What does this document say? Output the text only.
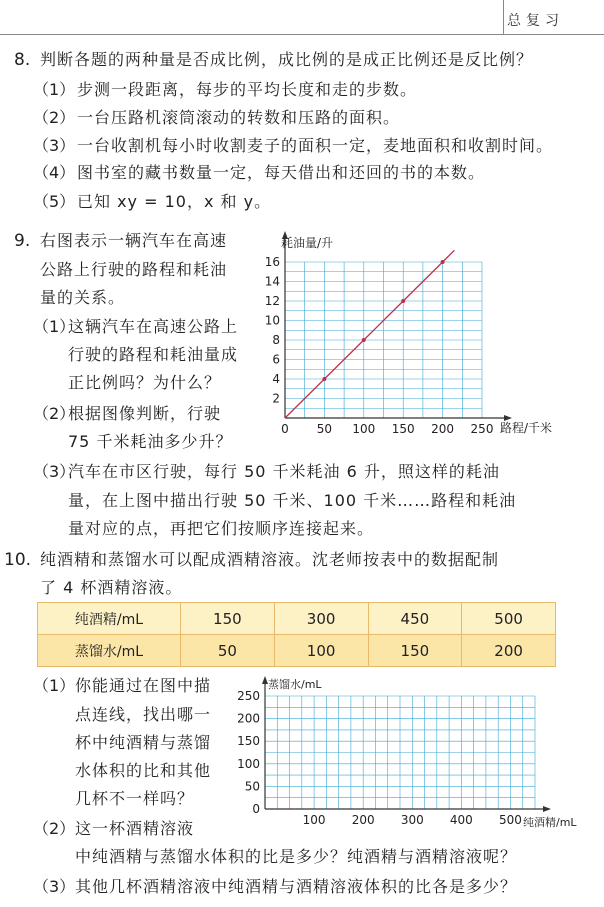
总复习
8. 判断各题的两种量是否成比例，成比例的是成正比例还是反比例？
（1） 步测一段距离，每步的平均长度和走的步数。
（2） 一台压路机滚筒滚动的转数和压路的面积。
（3） 一台收割机每小时收割麦子的面积一定，麦地面积和收割时间。
（4） 图书室的藏书数量一定，每天借出和还回的书的本数。
（5） 已知 xy = 10，x 和 y。
9. 右图表示一辆汽车在高速
公路上行驶的路程和耗油
量的关系。
（1）
这辆汽车在高速公路上
行驶的路程和耗油量成
正比例吗？为什么？
（2）
根据图像判断，行驶
75 千米耗油多少升？
（3）
汽车在市区行驶，每行 50 千米耗油 6 升，照这样的耗油
量，在上图中描出行驶 50 千米、100 千米……路程和耗油
量对应的点，再把它们按顺序连接起来。
耗油量/升
路程/千米
0 50 100 150 200 250
2
4
6
8
10
12
14
16
10. 纯酒精和蒸馏水可以配成酒精溶液。沈老师按表中的数据配制
了 4 杯酒精溶液。
纯酒精/mL	150	300	450	500
蒸馏水/mL	50	100	150	200
（1） 你能通过在图中描
点连线，找出哪一
杯中纯酒精与蒸馏
水体积的比和其他
几杯不一样吗？
（2） 这一杯酒精溶液
中纯酒精与蒸馏水体积的比是多少？纯酒精与酒精溶液呢？
（3） 其他几杯酒精溶液中纯酒精与酒精溶液体积的比各是多少？
蒸馏水/mL
纯酒精/mL
100 200 300 400 500
0
50
100
150
200
250
